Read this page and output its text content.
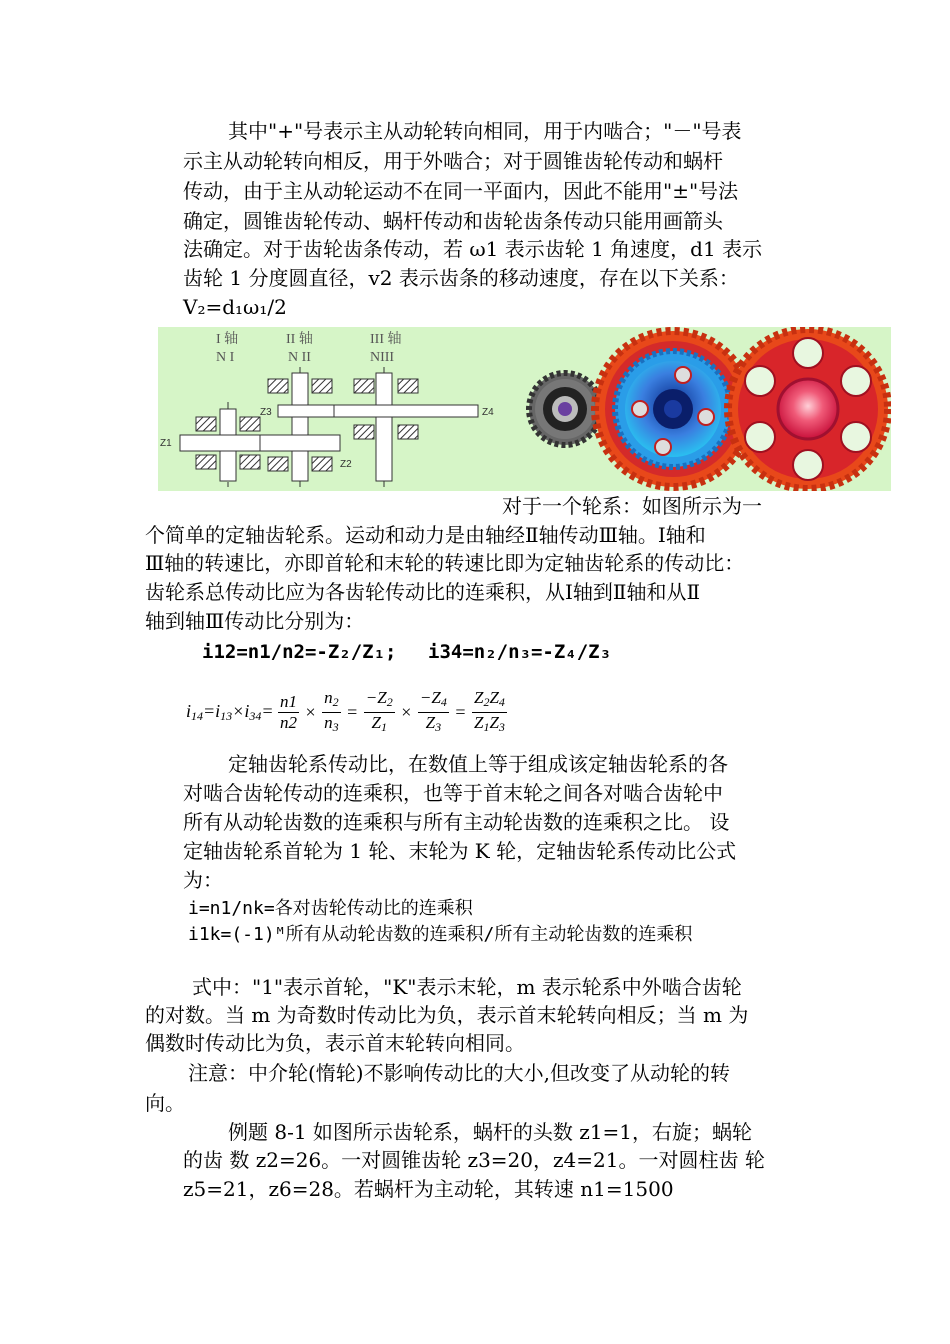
其中"+"号表示主从动轮转向相同，用于内啮合；"－"号表
示主从动轮转向相反，用于外啮合；对于圆锥齿轮传动和蜗杆
传动，由于主从动轮运动不在同一平面内，因此不能用"±"号法
确定，圆锥齿轮传动、蜗杆传动和齿轮齿条传动只能用画箭头
法确定。对于齿轮齿条传动，若 ω1 表示齿轮 1 角速度，d1 表示
齿轮 1 分度圆直径，v2 表示齿条的移动速度，存在以下关系：
V₂=d₁ω₁/2
I 轴
N I
II 轴
N II
III 轴
NIII
Z1
Z2
Z3	Z4
对于一个轮系：如图所示为一
个简单的定轴齿轮系。运动和动力是由轴经Ⅱ轴传动Ⅲ轴。Ⅰ轴和
Ⅲ轴的转速比，亦即首轮和末轮的转速比即为定轴齿轮系的传动比：
齿轮系总传动比应为各齿轮传动比的连乘积，从Ⅰ轴到Ⅱ轴和从Ⅱ
轴到轴Ⅲ传动比分别为：
i12=n1/n2=-Z₂/Z₁; i34=n₂/n₃=-Z₄/Z₃
$i_{14}=i_{13}\times i_{34}= \frac{n1}{n2} \times \frac{n_2}{n_3} = \frac{-Z_2}{Z_1} \times \frac{-Z_4}{Z_3} = \frac{Z_2Z_4}{Z_1Z_3}$
定轴齿轮系传动比，在数值上等于组成该定轴齿轮系的各
对啮合齿轮传动的连乘积，也等于首末轮之间各对啮合齿轮中
所有从动轮齿数的连乘积与所有主动轮齿数的连乘积之比。 设
定轴齿轮系首轮为 1 轮、末轮为 K 轮，定轴齿轮系传动比公式
为：
i=n1/nk=各对齿轮传动比的连乘积
i1k=(-1)ᴹ所有从动轮齿数的连乘积/所有主动轮齿数的连乘积
式中："1"表示首轮，"K"表示末轮，m 表示轮系中外啮合齿轮
的对数。当 m 为奇数时传动比为负，表示首末轮转向相反；当 m 为
偶数时传动比为负，表示首末轮转向相同。
注意：中介轮(惰轮)不影响传动比的大小,但改变了从动轮的转
向。
例题 8-1 如图所示齿轮系，蜗杆的头数 z1=1，右旋；蜗轮
的齿 数 z2=26。一对圆锥齿轮 z3=20，z4=21。一对圆柱齿 轮
z5=21，z6=28。若蜗杆为主动轮，其转速 n1=1500
